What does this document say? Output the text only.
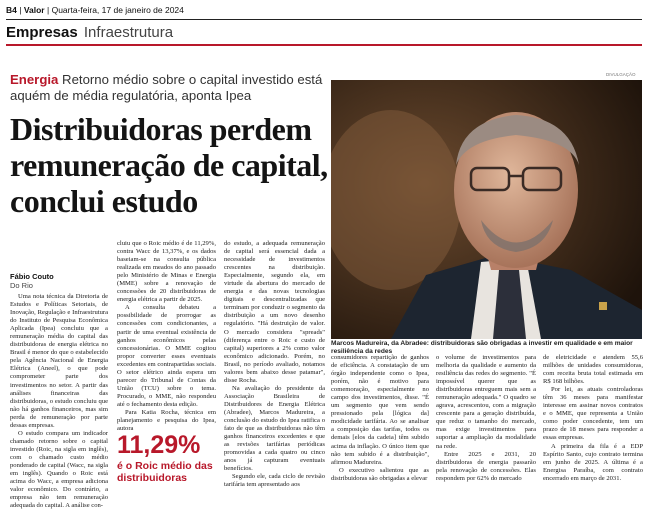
B4 | Valor | Quarta-feira, 17 de janeiro de 2024
Empresas Infraestrutura
Energia Retorno médio sobre o capital investido está aquém de média regulatória, aponta Ipea
Distribuidoras perdem remuneração de capital, conclui estudo
DIVULGAÇÃO
Marcos Madureira, da Abradee: distribuidoras são obrigadas a investir em qualidade e em maior resiliência da redes
Fábio Couto
Do Rio

Uma nota técnica da Diretoria de Estudos e Políticas Setoriais, de Inovação, Regulação e Infraestrutura do Instituto de Pesquisa Econômica Aplicada (Ipea) concluiu que a remuneração média do capital das distribuidoras de energia elétrica no Brasil é menor do que o estabelecido pela Agência Nacional de Energia Elétrica (Aneel), o que pode comprometer parte dos investimentos no setor. A partir das análises financeiras das distribuidoras, o estudo concluiu que não há ganhos financeiros, mas sim perda de remuneração por parte dessas empresas.

O estudo compara um indicador chamado retorno sobre o capital investido (Roic, na sigla em inglês), com o chamado custo médio ponderado de capital (Wacc, na sigla em inglês). Quando o Roic está acima do Wacc, a empresa adiciona valor econômico. Do contrário, a empresa não tem remuneração adequada do capital. A análise con-

cluiu que o Roic médio é de 11,29%, contra Wacc de 13,37%, e os dados baseiam-se na consulta pública realizada em meados do ano passado pelo Ministério de Minas e Energia (MME) sobre a renovação de concessões de 20 distribuidoras de energia elétrica a partir de 2025.

A consulta debateu a possibilidade de prorrogar as concessões com condicionantes, a partir de uma eventual existência de ganhos econômicos pelas concessionárias. O MME cogitou propor converter esses eventuais excedentes em contrapartidas sociais. O setor elétrico ainda espera um parecer do Tribunal de Contas da União (TCU) sobre o tema. Procurado, o MME, não respondeu até o fechamento desta edição.

Para Katia Rocha, técnica em planejamento e pesquisa do Ipea, autora

do estudo, a adequada remuneração de capital será essencial dada a necessidade de investimentos crescentes na distribuição. Especialmente, segundo ela, em virtude da abertura do mercado de energia e das novas tecnologias digitais e descentralizadas que terminam por conduzir o segmento da distribuição a um novo desenho regulatório. "Há destruição de valor. O mercado considera "spreads" (diferença entre o Roic e custo de capital) superiores a 2% como valor econômico adicionado. Porém, no Brasil, no período avaliado, notamos valores bem abaixo desse patamar", disse Rocha.

Na avaliação do presidente da Associação Brasileira de Distribuidores de Energia Elétrica (Abradee), Marcos Madureira, a conclusão do estudo do Ipea ratifica o fato de que as distribuidoras não têm ganhos financeiros excedentes e que as revisões tarifárias periódicas promovidas a cada quatro ou cinco anos já capturam eventuais benefícios.

Segundo ele, cada ciclo de revisão tarifária tem apresentado aos

consumidores repartição de ganhos de eficiência. A constatação de um órgão independente como o Ipea, porém, não é motivo para comemoração, especialmente no campo dos investimentos, disse. "É um segmento que vem sendo pressionado pela [lógica da] modicidade tarifária. Ao se analisar a composição das tarifas, todos os demais [elos da cadeia] têm subido acima da inflação. O único item que não tem subido é a distribuição", afirmou Madureira.

O executivo salientou que as distribuidoras são obrigadas a elevar

o volume de investimentos para melhoria da qualidade e aumento da resiliência das redes do segmento. "É impossível querer que as distribuidoras entreguem mais sem a remuneração adequada." O quadro se agrava, acrescentou, com a migração crescente para a geração distribuída, que reduz o tamanho do mercado, mas exige investimentos para suportar a ampliação da modalidade na rede.

Entre 2025 e 2031, 20 distribuidoras de energia passarão pela renovação de concessões. Elas respondem por 62% do mercado

de eletricidade e atendem 55,6 milhões de unidades consumidoras, com receita bruta total estimada em R$ 168 bilhões.

Por lei, as atuais controladoras têm 36 meses para manifestar interesse em assinar novos contratos e o MME, que representa a União como poder concedente, tem um prazo de 18 meses para responder a essas empresas.

A primeira da fila é a EDP Espírito Santo, cujo contrato termina em junho de 2025. A última é a Energisa Paraíba, com contrato encerrado em março de 2031.

11,29%
é o Roic médio das distribuidoras
